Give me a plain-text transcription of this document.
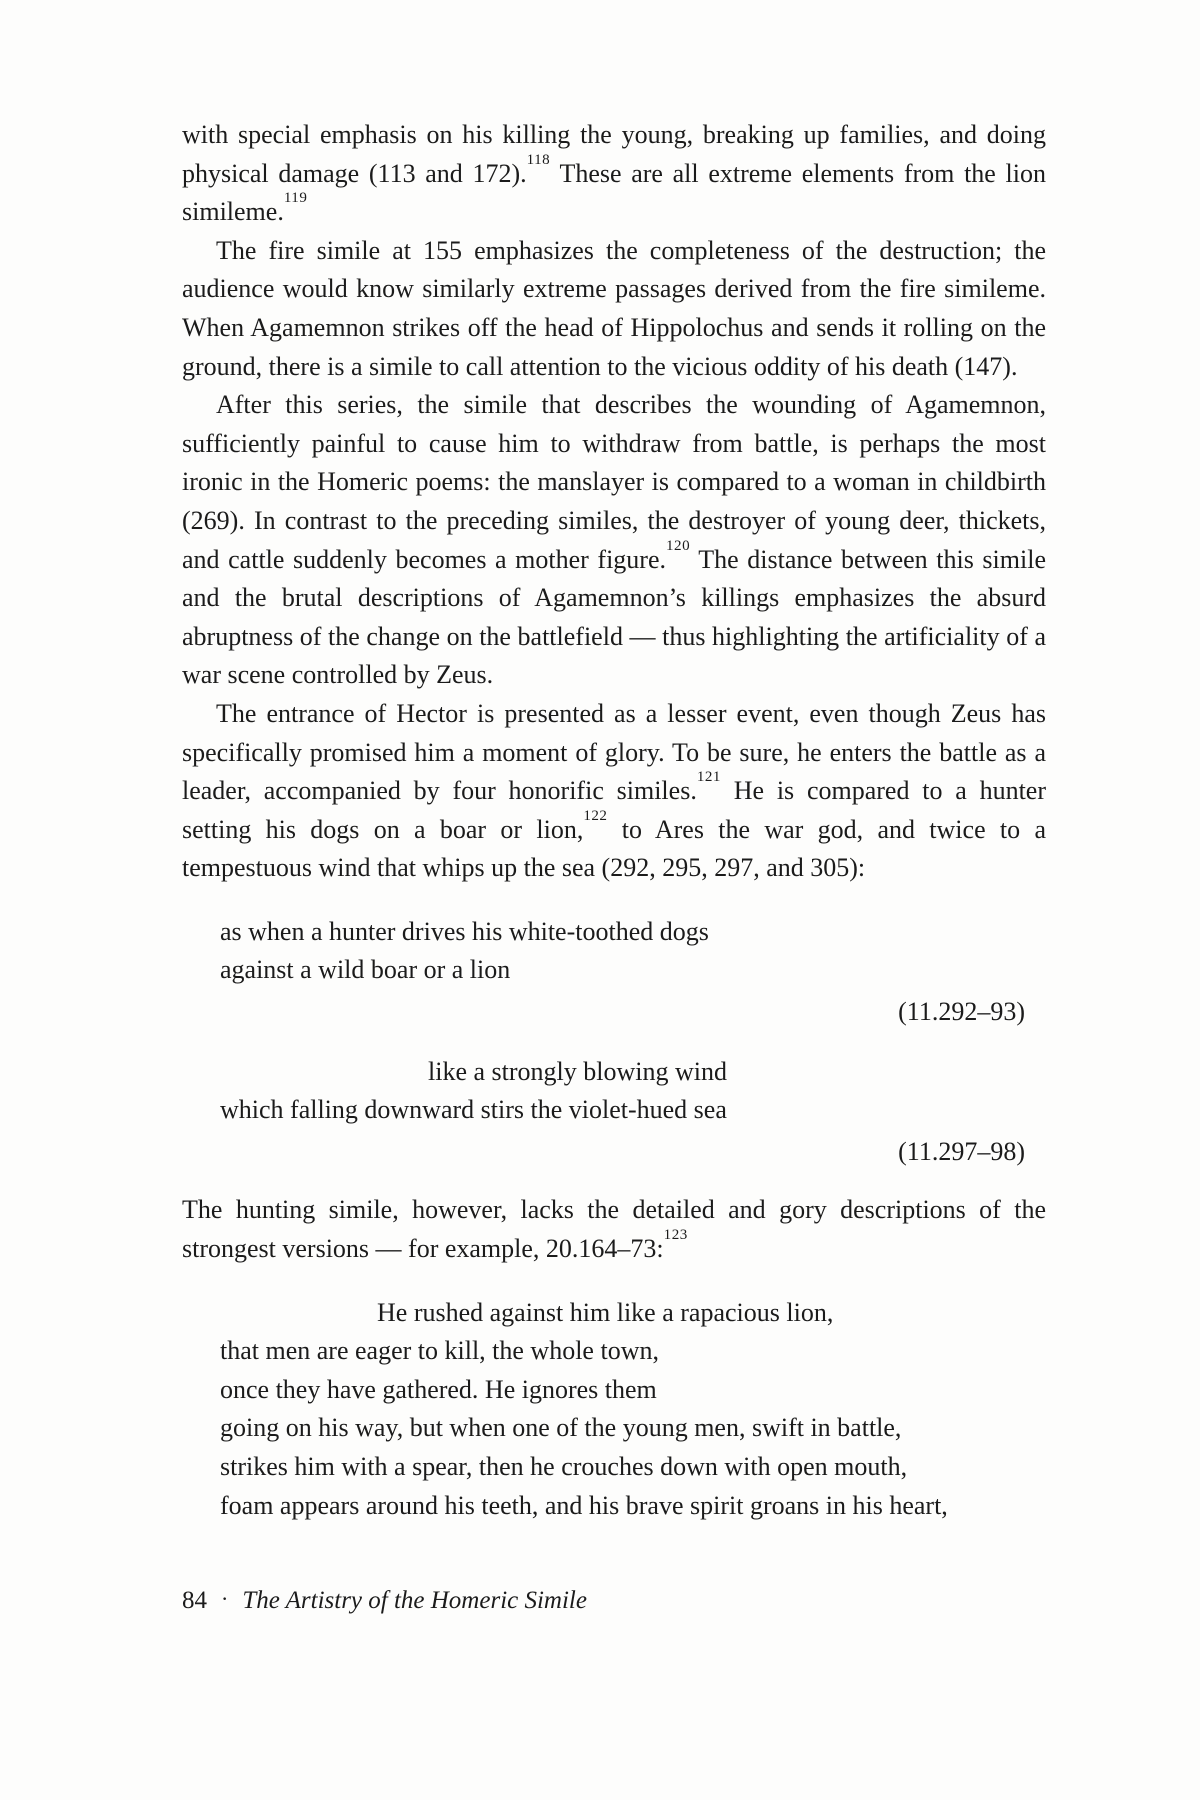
with special emphasis on his killing the young, breaking up families, and doing physical damage (113 and 172).$^{118}$ These are all extreme elements from the lion simileme.$^{119}$

The fire simile at 155 emphasizes the completeness of the destruction; the audience would know similarly extreme passages derived from the fire simileme. When Agamemnon strikes off the head of Hippolochus and sends it rolling on the ground, there is a simile to call attention to the vicious oddity of his death (147).

After this series, the simile that describes the wounding of Agamemnon, sufficiently painful to cause him to withdraw from battle, is perhaps the most ironic in the Homeric poems: the manslayer is compared to a woman in childbirth (269). In contrast to the preceding similes, the destroyer of young deer, thickets, and cattle suddenly becomes a mother figure.$^{120}$ The distance between this simile and the brutal descriptions of Agamemnon’s killings emphasizes the absurd abruptness of the change on the battlefield — thus highlighting the artificiality of a war scene controlled by Zeus.

The entrance of Hector is presented as a lesser event, even though Zeus has specifically promised him a moment of glory. To be sure, he enters the battle as a leader, accompanied by four honorific similes.$^{121}$ He is compared to a hunter setting his dogs on a boar or lion,$^{122}$ to Ares the war god, and twice to a tempestuous wind that whips up the sea (292, 295, 297, and 305):

as when a hunter drives his white-toothed dogs
against a wild boar or a lion
(11.292–93)
like a strongly blowing wind
which falling downward stirs the violet-hued sea
(11.297–98)

The hunting simile, however, lacks the detailed and gory descriptions of the strongest versions — for example, 20.164–73:$^{123}$

He rushed against him like a rapacious lion,
that men are eager to kill, the whole town,
once they have gathered. He ignores them
going on his way, but when one of the young men, swift in battle,
strikes him with a spear, then he crouches down with open mouth,
foam appears around his teeth, and his brave spirit groans in his heart,
84 · The Artistry of the Homeric Simile
